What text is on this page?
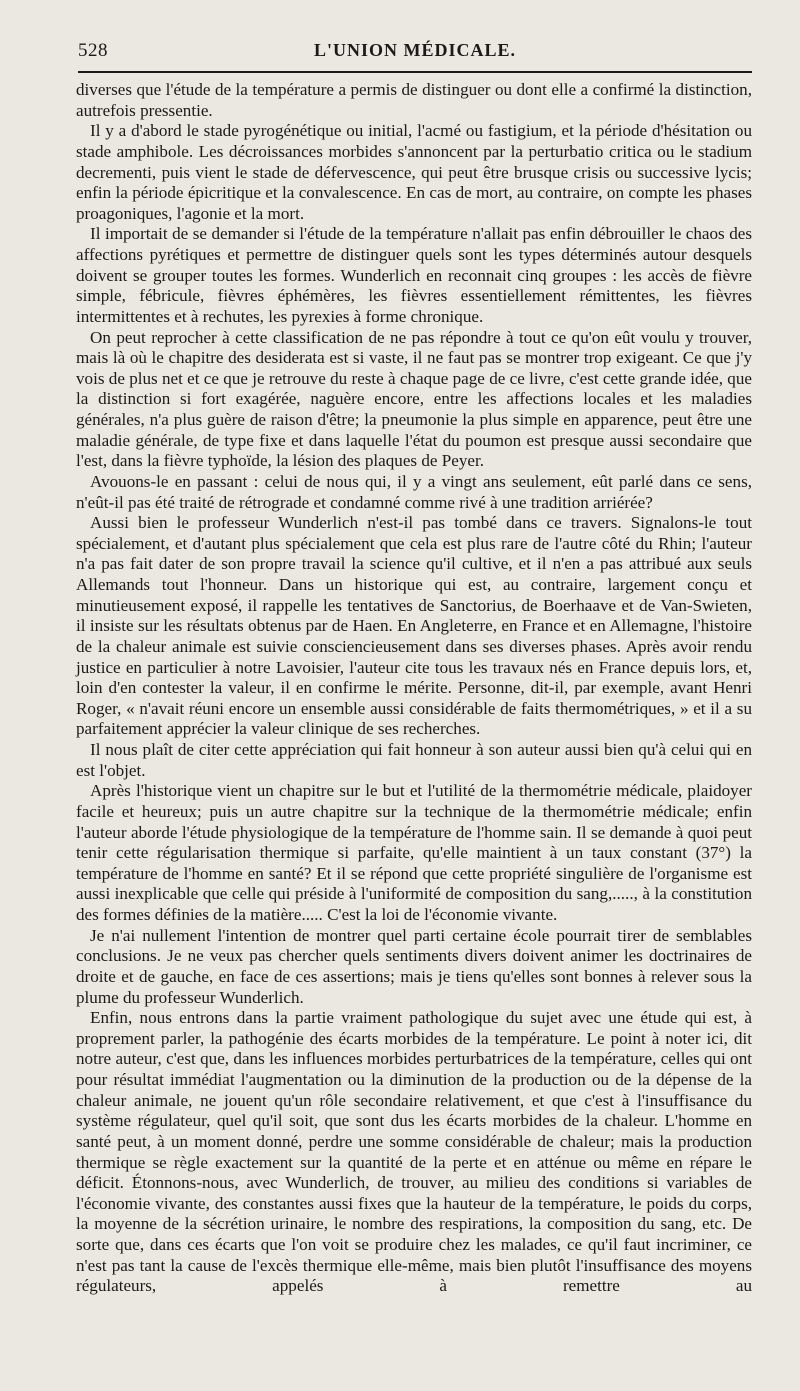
528	L'UNION MÉDICALE.

diverses que l'étude de la température a permis de distinguer ou dont elle a confirmé la distinction, autrefois pressentie.

Il y a d'abord le stade pyrogénétique ou initial, l'acmé ou fastigium, et la période d'hésitation ou stade amphibole. Les décroissances morbides s'annoncent par la perturbatio critica ou le stadium decrementi, puis vient le stade de défervescence, qui peut être brusque crisis ou successive lycis; enfin la période épicritique et la convalescence. En cas de mort, au contraire, on compte les phases proagoniques, l'agonie et la mort.

Il importait de se demander si l'étude de la température n'allait pas enfin débrouiller le chaos des affections pyrétiques et permettre de distinguer quels sont les types déterminés autour desquels doivent se grouper toutes les formes. Wunderlich en reconnait cinq groupes : les accès de fièvre simple, fébricule, fièvres éphémères, les fièvres essentiellement rémittentes, les fièvres intermittentes et à rechutes, les pyrexies à forme chronique.

On peut reprocher à cette classification de ne pas répondre à tout ce qu'on eût voulu y trouver, mais là où le chapitre des desiderata est si vaste, il ne faut pas se montrer trop exigeant. Ce que j'y vois de plus net et ce que je retrouve du reste à chaque page de ce livre, c'est cette grande idée, que la distinction si fort exagérée, naguère encore, entre les affections locales et les maladies générales, n'a plus guère de raison d'être; la pneumonie la plus simple en apparence, peut être une maladie générale, de type fixe et dans laquelle l'état du poumon est presque aussi secondaire que l'est, dans la fièvre typhoïde, la lésion des plaques de Peyer.

Avouons-le en passant : celui de nous qui, il y a vingt ans seulement, eût parlé dans ce sens, n'eût-il pas été traité de rétrograde et condamné comme rivé à une tradition arriérée?

Aussi bien le professeur Wunderlich n'est-il pas tombé dans ce travers. Signalons-le tout spécialement, et d'autant plus spécialement que cela est plus rare de l'autre côté du Rhin; l'auteur n'a pas fait dater de son propre travail la science qu'il cultive, et il n'en a pas attribué aux seuls Allemands tout l'honneur. Dans un historique qui est, au contraire, largement conçu et minutieusement exposé, il rappelle les tentatives de Sanctorius, de Boerhaave et de Van-Swieten, il insiste sur les résultats obtenus par de Haen. En Angleterre, en France et en Allemagne, l'histoire de la chaleur animale est suivie consciencieusement dans ses diverses phases. Après avoir rendu justice en particulier à notre Lavoisier, l'auteur cite tous les travaux nés en France depuis lors, et, loin d'en contester la valeur, il en confirme le mérite. Personne, dit-il, par exemple, avant Henri Roger, « n'avait réuni encore un ensemble aussi considérable de faits thermométriques, » et il a su parfaitement apprécier la valeur clinique de ses recherches.

Il nous plaît de citer cette appréciation qui fait honneur à son auteur aussi bien qu'à celui qui en est l'objet.

Après l'historique vient un chapitre sur le but et l'utilité de la thermométrie médicale, plaidoyer facile et heureux; puis un autre chapitre sur la technique de la thermométrie médicale; enfin l'auteur aborde l'étude physiologique de la température de l'homme sain. Il se demande à quoi peut tenir cette régularisation thermique si parfaite, qu'elle maintient à un taux constant (37°) la température de l'homme en santé? Et il se répond que cette propriété singulière de l'organisme est aussi inexplicable que celle qui préside à l'uniformité de composition du sang,....., à la constitution des formes définies de la matière..... C'est la loi de l'économie vivante.

Je n'ai nullement l'intention de montrer quel parti certaine école pourrait tirer de semblables conclusions. Je ne veux pas chercher quels sentiments divers doivent animer les doctrinaires de droite et de gauche, en face de ces assertions; mais je tiens qu'elles sont bonnes à relever sous la plume du professeur Wunderlich.

Enfin, nous entrons dans la partie vraiment pathologique du sujet avec une étude qui est, à proprement parler, la pathogénie des écarts morbides de la température. Le point à noter ici, dit notre auteur, c'est que, dans les influences morbides perturbatrices de la température, celles qui ont pour résultat immédiat l'augmentation ou la diminution de la production ou de la dépense de la chaleur animale, ne jouent qu'un rôle secondaire relativement, et que c'est à l'insuffisance du système régulateur, quel qu'il soit, que sont dus les écarts morbides de la chaleur. L'homme en santé peut, à un moment donné, perdre une somme considérable de chaleur; mais la production thermique se règle exactement sur la quantité de la perte et en atténue ou même en répare le déficit. Étonnons-nous, avec Wunderlich, de trouver, au milieu des conditions si variables de l'économie vivante, des constantes aussi fixes que la hauteur de la température, le poids du corps, la moyenne de la sécrétion urinaire, le nombre des respirations, la composition du sang, etc. De sorte que, dans ces écarts que l'on voit se produire chez les malades, ce qu'il faut incriminer, ce n'est pas tant la cause de l'excès thermique elle-même, mais bien plutôt l'insuffisance des moyens régulateurs, appelés à remettre au
